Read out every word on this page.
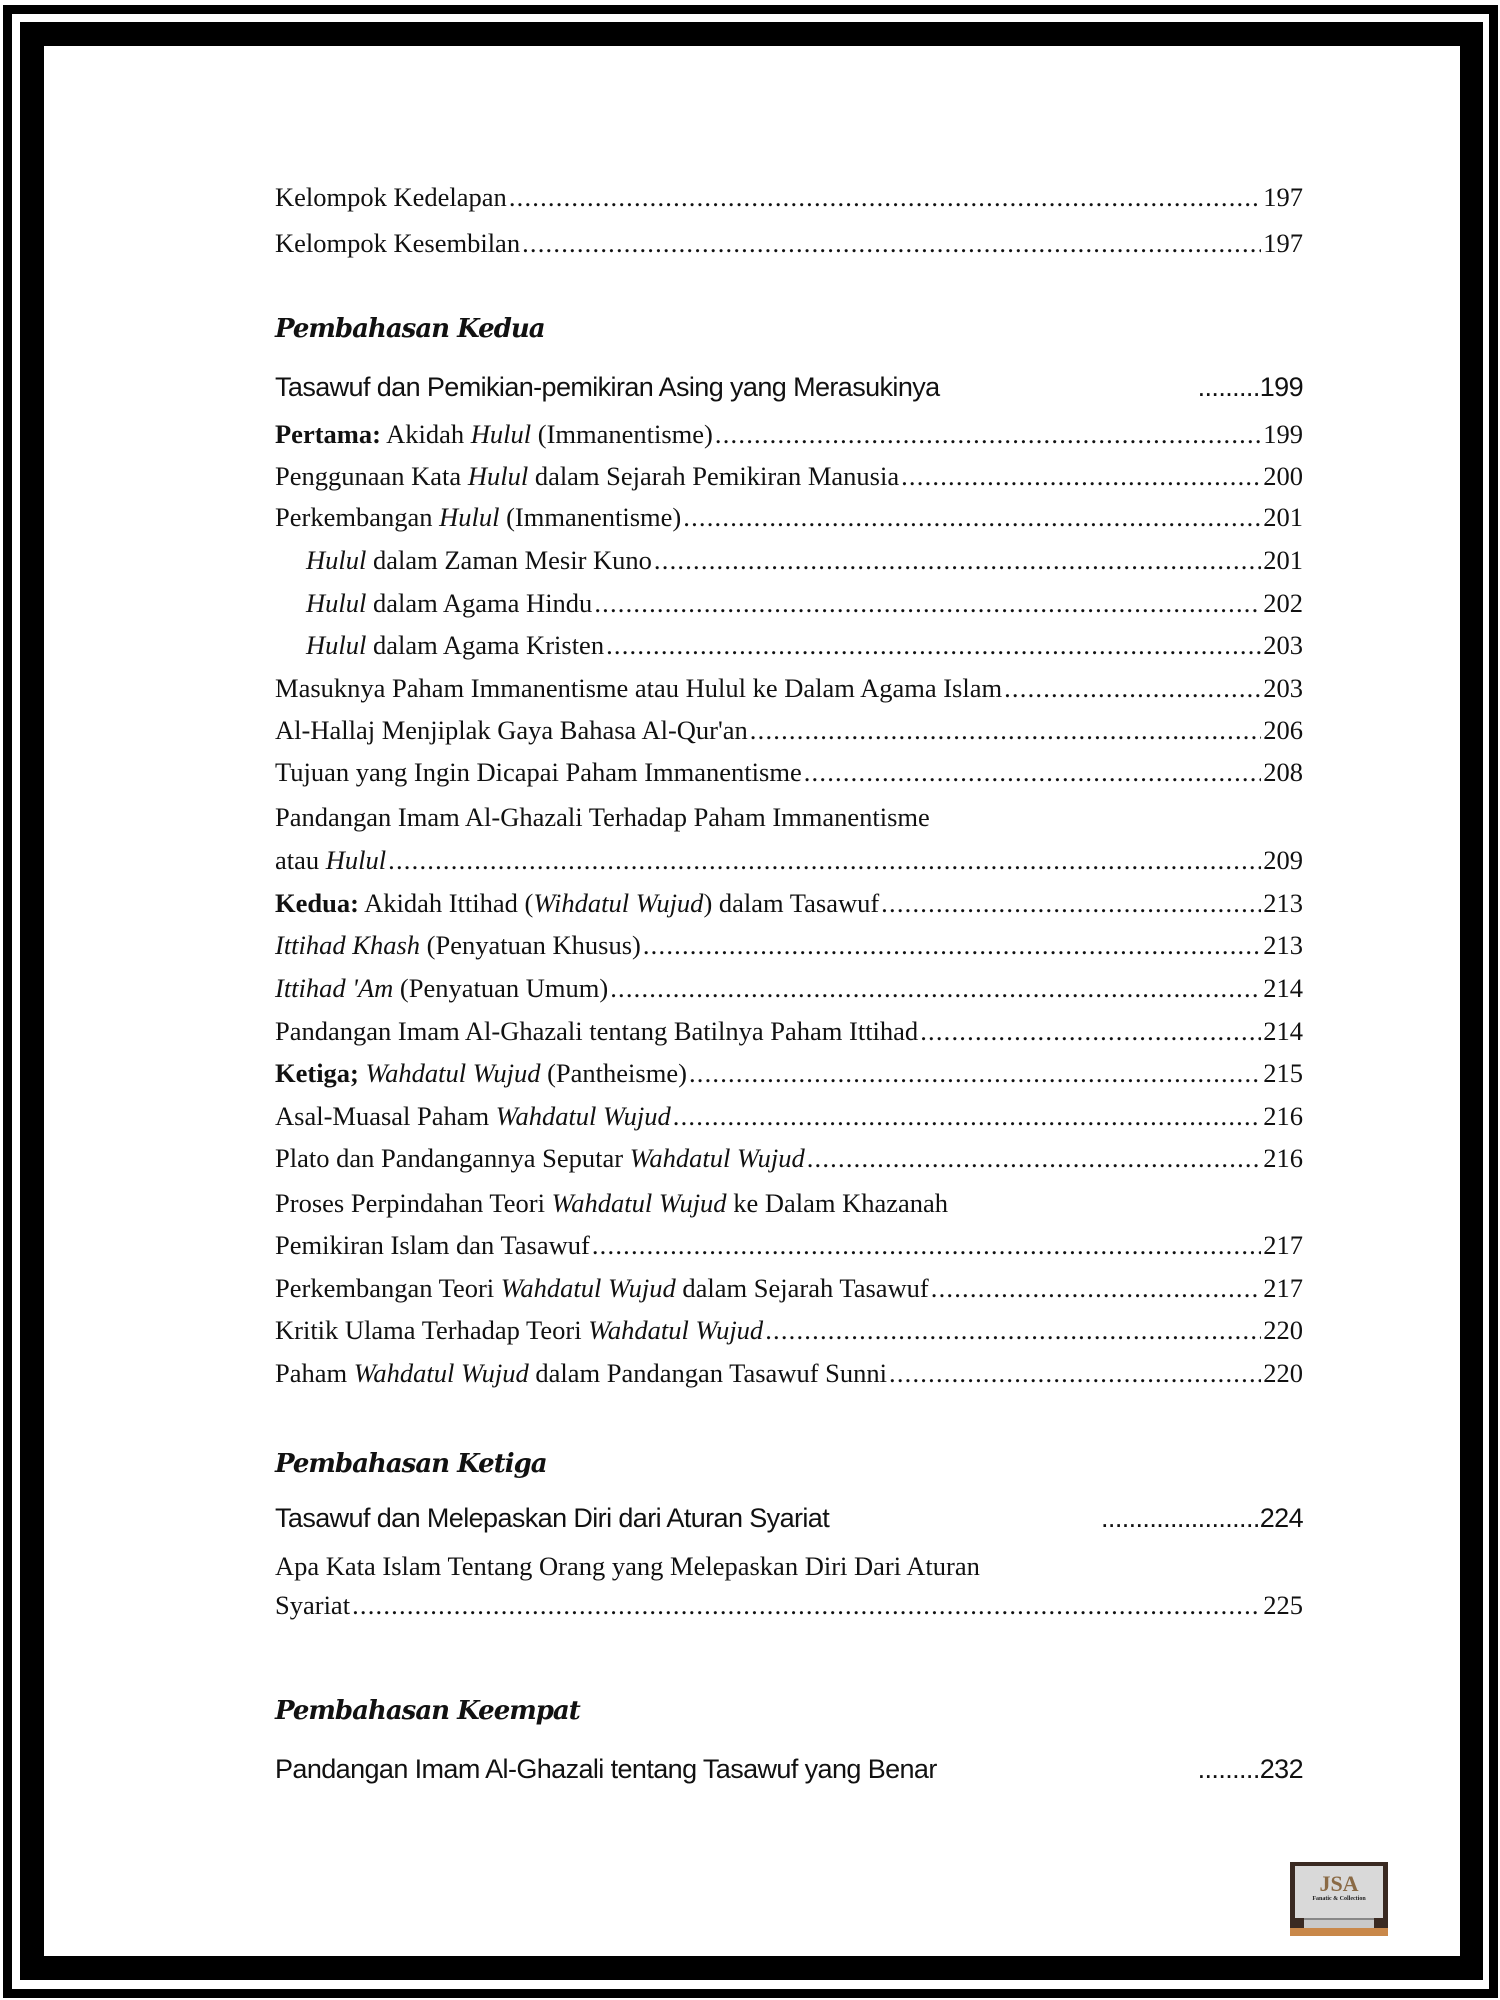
Kelompok Kedelapan .....	197
Kelompok Kesembilan .....	197
Pembahasan Kedua
Tasawuf dan Pemikian-pemikiran Asing yang Merasukinya	......... 199
Pertama: Akidah Hulul (Immanentisme) .....	199
Penggunaan Kata Hulul dalam Sejarah Pemikiran Manusia .....	200
Perkembangan Hulul (Immanentisme) .....	201
Hulul dalam Zaman Mesir Kuno .....	201
Hulul dalam Agama Hindu .....	202
Hulul dalam Agama Kristen .....	203
Masuknya Paham Immanentisme atau Hulul ke Dalam Agama Islam .....	203
Al-Hallaj Menjiplak Gaya Bahasa Al-Qur'an .....	206
Tujuan yang Ingin Dicapai Paham Immanentisme .....	208
Pandangan Imam Al-Ghazali Terhadap Paham Immanentisme
atau Hulul .....	209
Kedua: Akidah Ittihad (Wihdatul Wujud) dalam Tasawuf .....	213
Ittihad Khash (Penyatuan Khusus) .....	213
Ittihad 'Am (Penyatuan Umum) .....	214
Pandangan Imam Al-Ghazali tentang Batilnya Paham Ittihad .....	214
Ketiga; Wahdatul Wujud (Pantheisme) .....	215
Asal-Muasal Paham Wahdatul Wujud .....	216
Plato dan Pandangannya Seputar Wahdatul Wujud .....	216
Proses Perpindahan Teori Wahdatul Wujud ke Dalam Khazanah
Pemikiran Islam dan Tasawuf .....	217
Perkembangan Teori Wahdatul Wujud dalam Sejarah Tasawuf .....	217
Kritik Ulama Terhadap Teori Wahdatul Wujud .....	220
Paham Wahdatul Wujud dalam Pandangan Tasawuf Sunni .....	220
Pembahasan Ketiga
Tasawuf dan Melepaskan Diri dari Aturan Syariat	....................... 224
Apa Kata Islam Tentang Orang yang Melepaskan Diri Dari Aturan
Syariat .....	225
Pembahasan Keempat
Pandangan Imam Al-Ghazali tentang Tasawuf yang Benar	......... 232
JSA
Fanatic & Collection
